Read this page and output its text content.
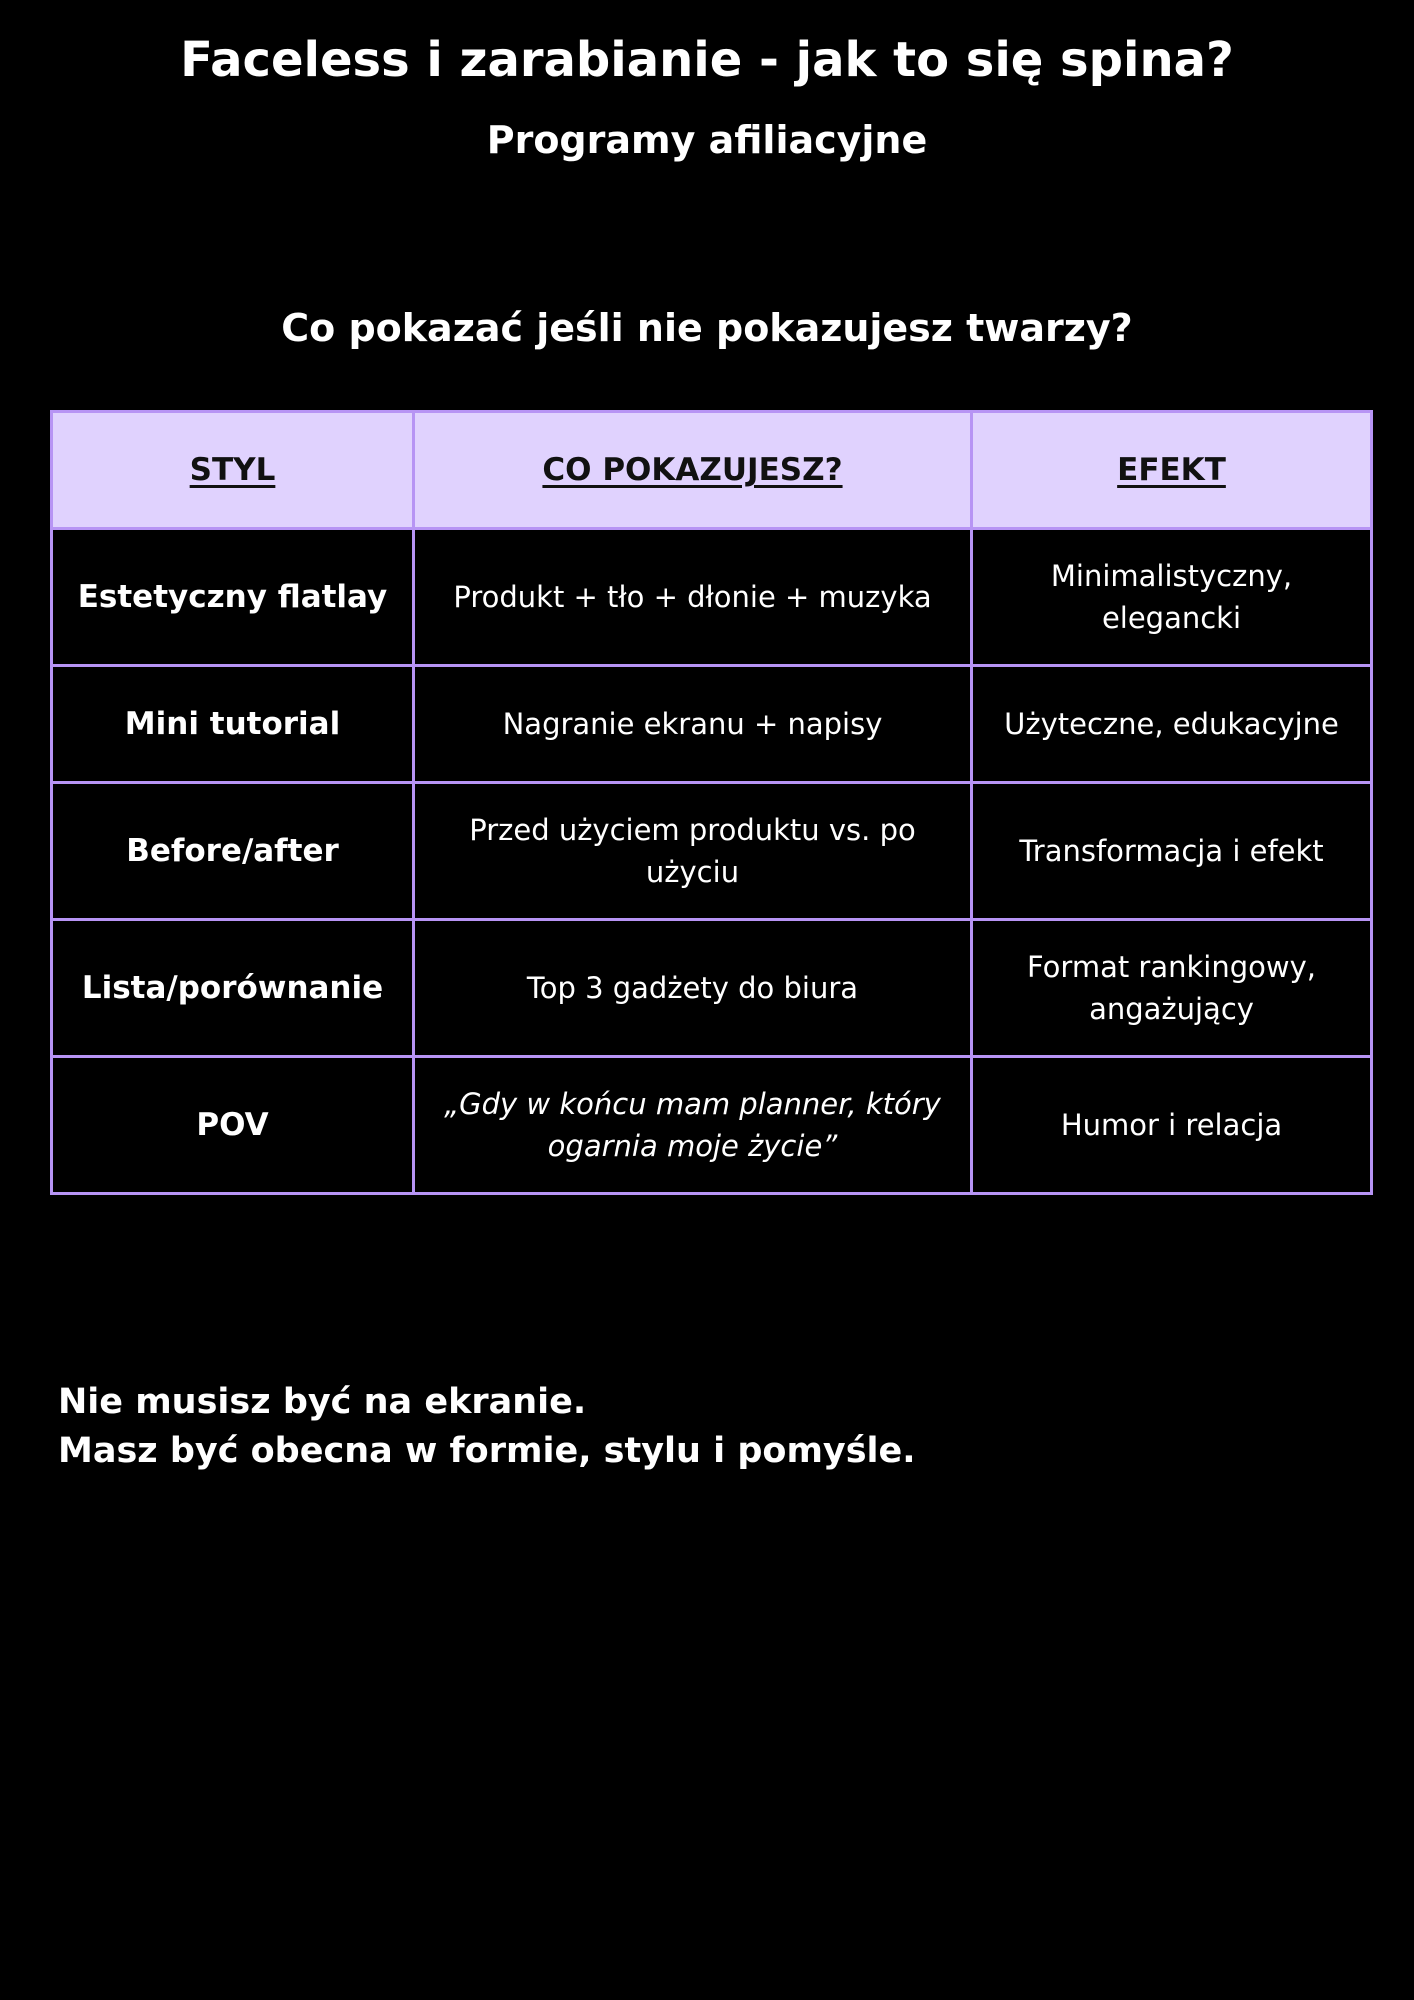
Faceless i zarabianie - jak to się spina?
Programy afiliacyjne
Co pokazać jeśli nie pokazujesz twarzy?
STYL	CO POKAZUJESZ?	EFEKT
Estetyczny flatlay	Produkt + tło + dłonie + muzyka	Minimalistyczny, elegancki
Mini tutorial	Nagranie ekranu + napisy	Użyteczne, edukacyjne
Before/after	Przed użyciem produktu vs. po użyciu	Transformacja i efekt
Lista/porównanie	Top 3 gadżety do biura	Format rankingowy, angażujący
POV	„Gdy w końcu mam planner, który ogarnia moje życie”	Humor i relacja

Nie musisz być na ekranie.
Masz być obecna w formie, stylu i pomyśle.
